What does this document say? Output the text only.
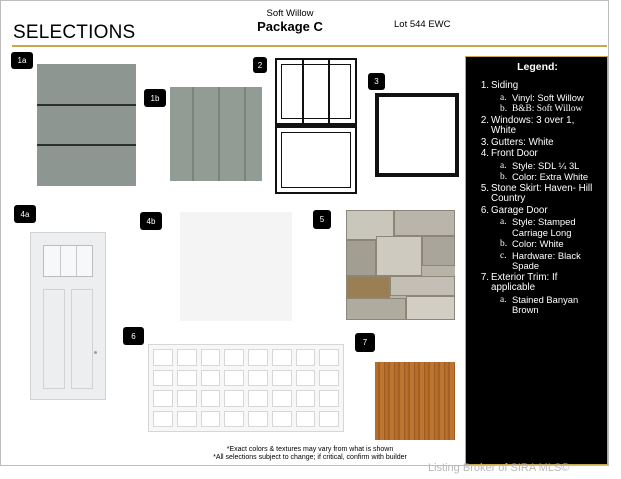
SELECTIONS
Soft Willow
Package C	Lot 544 EWC
1a
1b
2
3
4a
4b	5
6
7
Legend:
1. Siding
a. Vinyl: Soft Willow
b. B&B: Soft Willow
2. Windows: 3 over 1, White
3. Gutters: White
4. Front Door
a. Style: SDL ¼ 3L
b. Color: Extra White
5. Stone Skirt: Haven- Hill Country
6. Garage Door
a. Style: Stamped Carriage Long
b. Color: White
c. Hardware: Black Spade
7. Exterior Trim: If applicable
a. Stained Banyan Brown
*Exact colors & textures may vary from what is shown
*All selections subject to change; if critical, confirm with builder
Listing Broker of SIRA MLS©
